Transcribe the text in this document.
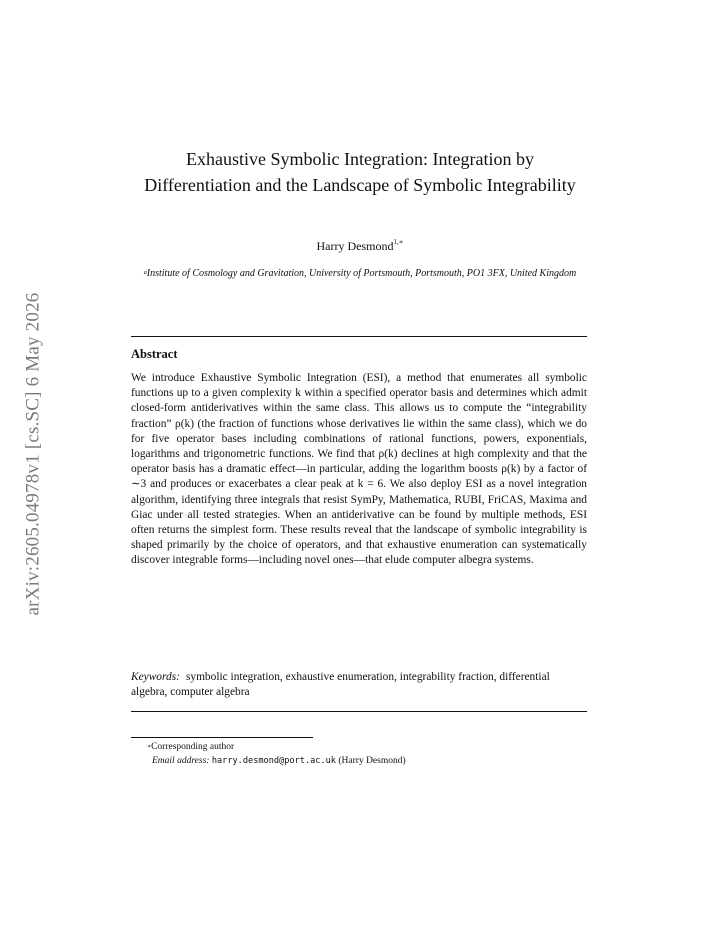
arXiv:2605.04978v1 [cs.SC] 6 May 2026
Exhaustive Symbolic Integration: Integration by Differentiation and the Landscape of Symbolic Integrability
Harry Desmond$^{1,∗}$
$^a$Institute of Cosmology and Gravitation, University of Portsmouth, Portsmouth, PO1 3FX, United Kingdom
Abstract
We introduce Exhaustive Symbolic Integration (ESI), a method that enumerates all symbolic functions up to a given complexity k within a specified operator basis and determines which admit closed-form antiderivatives within the same class. This allows us to compute the “integrability fraction” ρ(k) (the fraction of functions whose derivatives lie within the same class), which we do for five operator bases including combinations of rational functions, powers, exponentials, logarithms and trigonometric functions. We find that ρ(k) declines at high complexity and that the operator basis has a dramatic effect—in particular, adding the logarithm boosts ρ(k) by a factor of ∼3 and produces or exacerbates a clear peak at k = 6. We also deploy ESI as a novel integration algorithm, identifying three integrals that resist SymPy, Mathematica, RUBI, FriCAS, Maxima and Giac under all tested strategies. When an antiderivative can be found by multiple methods, ESI often returns the simplest form. These results reveal that the landscape of symbolic integrability is shaped primarily by the choice of operators, and that exhaustive enumeration can systematically discover integrable forms—including novel ones—that elude computer albegra systems.
Keywords: symbolic integration, exhaustive enumeration, integrability fraction, differential algebra, computer algebra
∗Corresponding author
Email address: harry.desmond@port.ac.uk (Harry Desmond)
